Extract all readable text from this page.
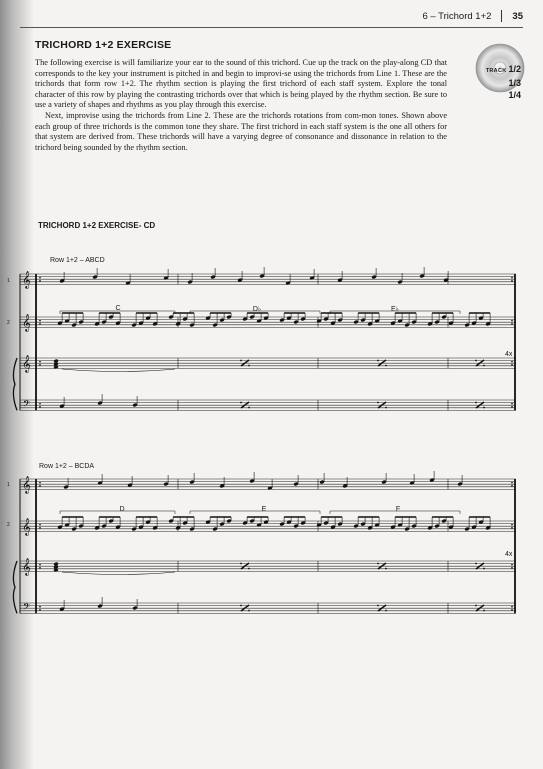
6 – Trichord 1+2 35
TRICHORD 1+2 EXERCISE

The following exercise is will familiarize your ear to the sound of this trichord. Cue up the track on the play-along CD that corresponds to the key your instrument is pitched in and begin to improvi-se using the trichords from Line 1. These are the trichords that form row 1+2. The rhythm section is playing the first trichord of each staff system. Explore the tonal character of this row by playing the contrasting trichords over that which is being played by the rhythm section. Be sure to use a variety of shapes and rhythms as you play through this exercise.

Next, improvise using the trichords from Line 2. These are the trichords rotations from com-mon tones. Shown above each group of three trichords is the common tone they share. The first trichord in each staff system is the one all others for that system are derived from. These trichords will have a varying degree of consonance and dissonance in relation to the trichord being sounded by the rhythm section.

TRACK 1/2
1/3
1/4
TRICHORD 1+2 EXERCISE- CD
Row 1+2 – ABCD
C	D♭	E♭
4x
1
2
Row 1+2 – BCDA
D	E	F
4x
1
2
𝄞
𝄞
𝄞
𝄢
𝄞
𝄞
𝄞
𝄢
